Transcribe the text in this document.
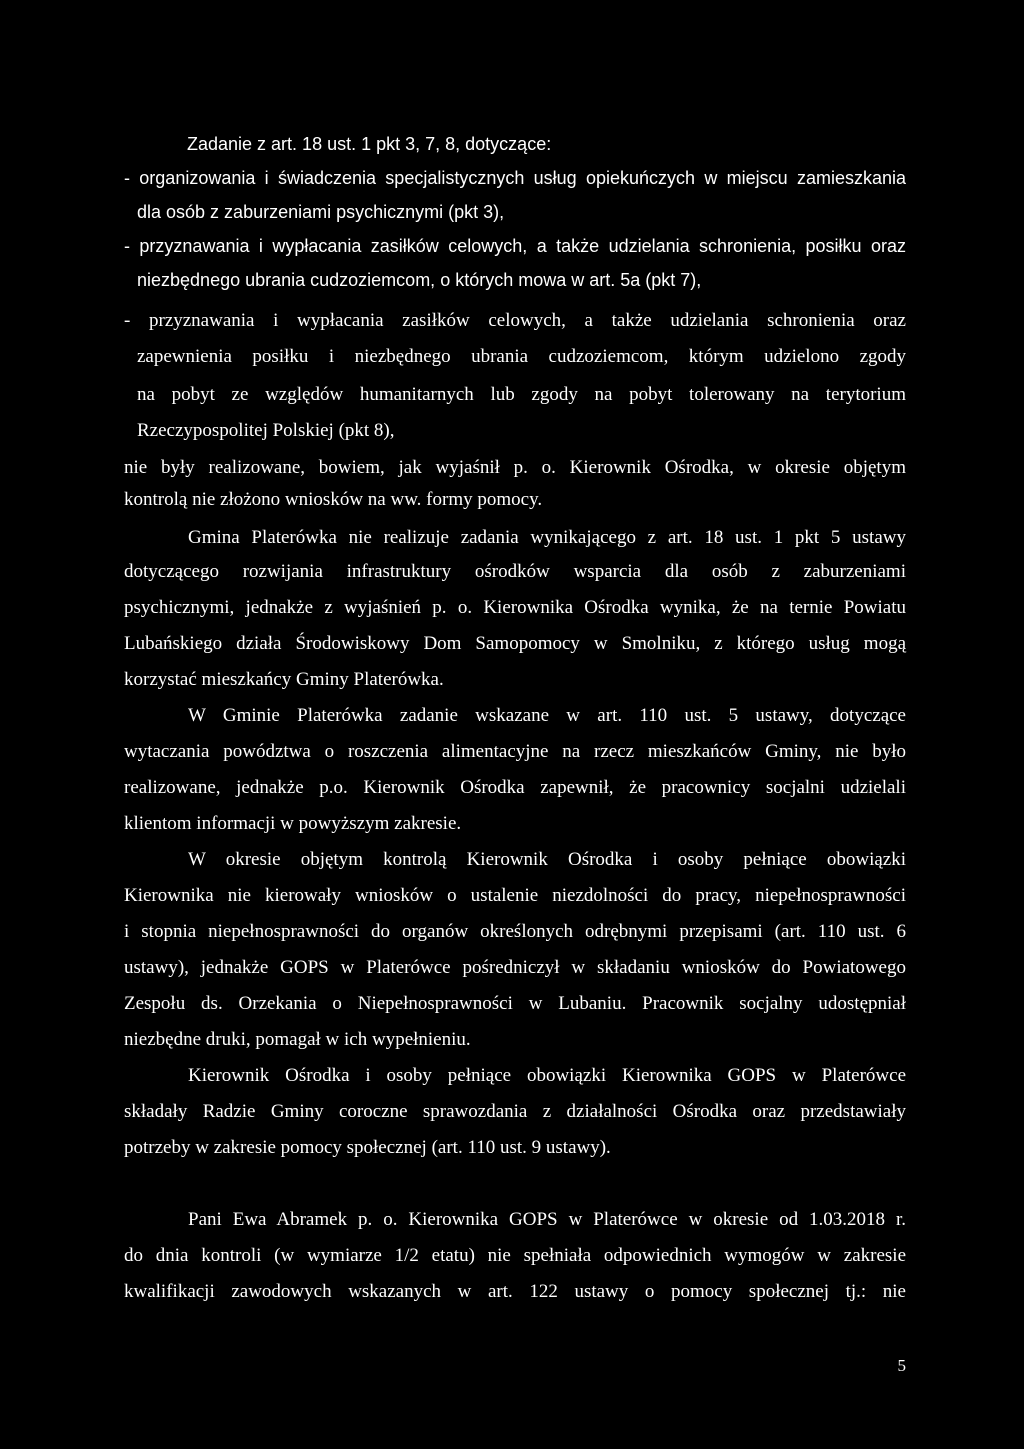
Zadanie z art. 18 ust. 1 pkt 3, 7, 8, dotyczące:
- organizowania i świadczenia specjalistycznych usług opiekuńczych w miejscu zamieszkania
dla osób z zaburzeniami psychicznymi (pkt 3),
- przyznawania i wypłacania zasiłków celowych, a także udzielania schronienia, posiłku oraz
niezbędnego ubrania cudzoziemcom, o których mowa w art. 5a (pkt 7),
- przyznawania i wypłacania zasiłków celowych, a także udzielania schronienia oraz
zapewnienia posiłku i niezbędnego ubrania cudzoziemcom, którym udzielono zgody
na pobyt ze względów humanitarnych lub zgody na pobyt tolerowany na terytorium
Rzeczypospolitej Polskiej (pkt 8),
nie były realizowane, bowiem, jak wyjaśnił p. o. Kierownik Ośrodka, w okresie objętym
kontrolą nie złożono wniosków na ww. formy pomocy.
Gmina Platerówka nie realizuje zadania wynikającego z art. 18 ust. 1 pkt 5 ustawy
dotyczącego rozwijania infrastruktury ośrodków wsparcia dla osób z zaburzeniami
psychicznymi, jednakże z wyjaśnień p. o. Kierownika Ośrodka wynika, że na ternie Powiatu
Lubańskiego działa Środowiskowy Dom Samopomocy w Smolniku, z którego usług mogą
korzystać mieszkańcy Gminy Platerówka.
W Gminie Platerówka zadanie wskazane w art. 110 ust. 5 ustawy, dotyczące
wytaczania powództwa o roszczenia alimentacyjne na rzecz mieszkańców Gminy, nie było
realizowane, jednakże p.o. Kierownik Ośrodka zapewnił, że pracownicy socjalni udzielali
klientom informacji w powyższym zakresie.
W okresie objętym kontrolą Kierownik Ośrodka i osoby pełniące obowiązki
Kierownika nie kierowały wniosków o ustalenie niezdolności do pracy, niepełnosprawności
i stopnia niepełnosprawności do organów określonych odrębnymi przepisami (art. 110 ust. 6
ustawy), jednakże GOPS w Platerówce pośredniczył w składaniu wniosków do Powiatowego
Zespołu ds. Orzekania o Niepełnosprawności w Lubaniu. Pracownik socjalny udostępniał
niezbędne druki, pomagał w ich wypełnieniu.
Kierownik Ośrodka i osoby pełniące obowiązki Kierownika GOPS w Platerówce
składały Radzie Gminy coroczne sprawozdania z działalności Ośrodka oraz przedstawiały
potrzeby w zakresie pomocy społecznej (art. 110 ust. 9 ustawy).
Pani Ewa Abramek p. o. Kierownika GOPS w Platerówce w okresie od 1.03.2018 r.
do dnia kontroli (w wymiarze 1/2 etatu) nie spełniała odpowiednich wymogów w zakresie
kwalifikacji zawodowych wskazanych w art. 122 ustawy o pomocy społecznej tj.: nie
5
